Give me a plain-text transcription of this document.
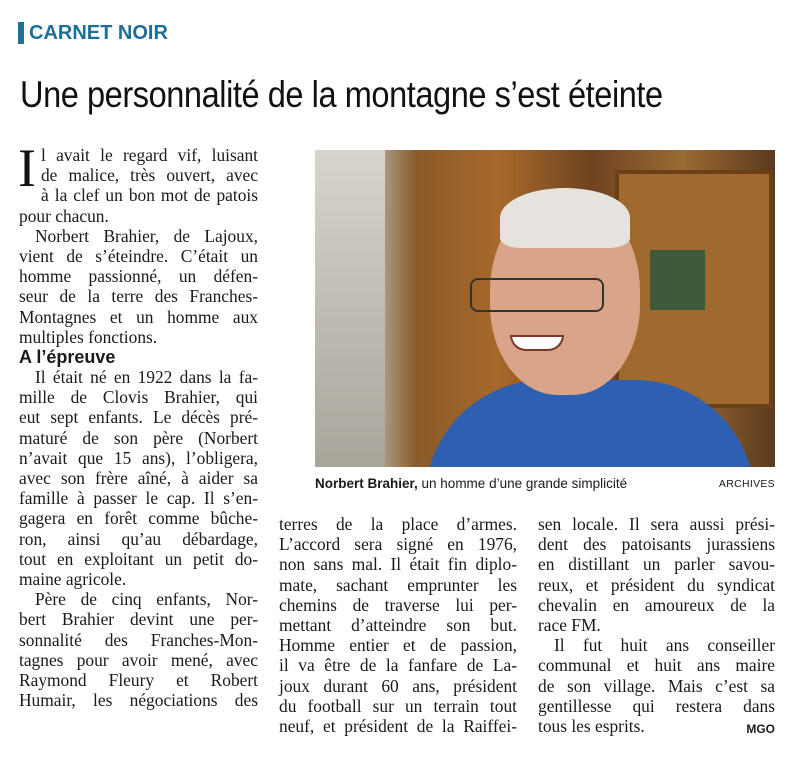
CARNET NOIR
Une personnalité de la montagne s’est éteinte

I l avait le regard vif, luisant

de malice, très ouvert, avec

à la clef un bon mot de patois

pour chacun.

Norbert Brahier, de Lajoux,

vient de s’éteindre. C’était un

homme passionné, un défen-

seur de la terre des Franches-

Montagnes et un homme aux

multiples fonctions.

A l’épreuve

Il était né en 1922 dans la fa-

mille de Clovis Brahier, qui

eut sept enfants. Le décès pré-

maturé de son père (Norbert

n’avait que 15 ans), l’obligera,

avec son frère aîné, à aider sa

famille à passer le cap. Il s’en-

gagera en forêt comme bûche-

ron, ainsi qu’au débardage,

tout en exploitant un petit do-

maine agricole.

Père de cinq enfants, Nor-

bert Brahier devint une per-

sonnalité des Franches-Mon-

tagnes pour avoir mené, avec

Raymond Fleury et Robert

Humair, les négociations des

Norbert Brahier, un homme d’une grande simplicité	ARCHIVES

terres de la place d’armes.

L’accord sera signé en 1976,

non sans mal. Il était fin diplo-

mate, sachant emprunter les

chemins de traverse lui per-

mettant d’atteindre son but.

Homme entier et de passion,

il va être de la fanfare de La-

joux durant 60 ans, président

du football sur un terrain tout

neuf, et président de la Raiffei-

sen locale. Il sera aussi prési-

dent des patoisants jurassiens

en distillant un parler savou-

reux, et président du syndicat

chevalin en amoureux de la

race FM.

Il fut huit ans conseiller

communal et huit ans maire

de son village. Mais c’est sa

gentillesse qui restera dans

tous les esprits.	MGO
